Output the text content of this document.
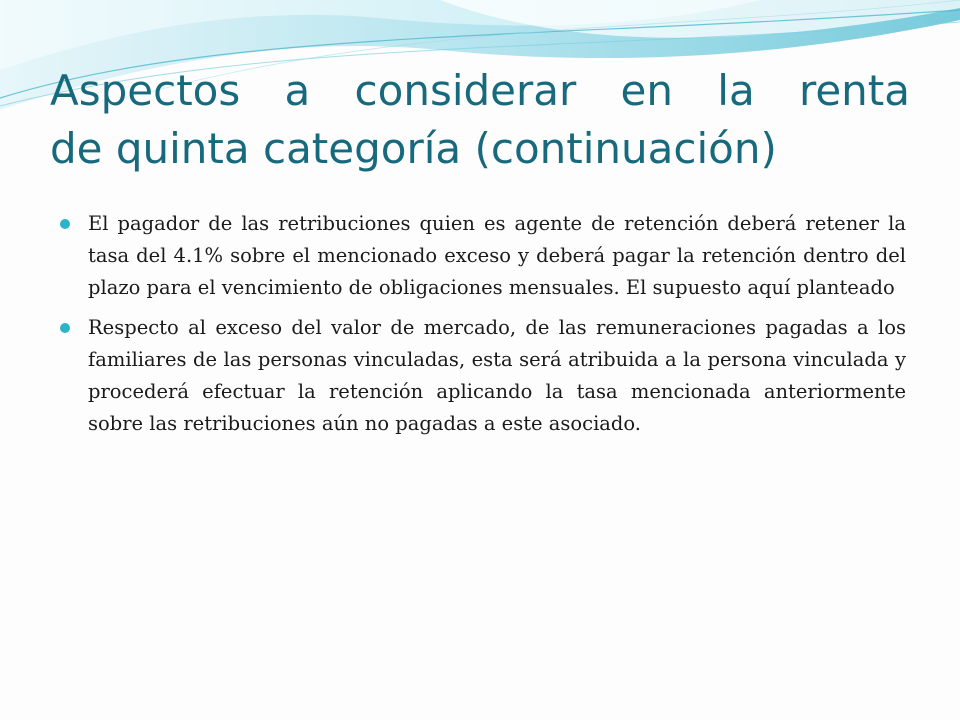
Aspectos a considerar en la renta
de quinta categoría (continuación)
El pagador de las retribuciones quien es agente de retención deberá retener la tasa del 4.1% sobre el mencionado exceso y deberá pagar la retención dentro del plazo para el vencimiento de obligaciones mensuales. El supuesto aquí planteado
Respecto al exceso del valor de mercado, de las remuneraciones pagadas a los familiares de las personas vinculadas, esta será atribuida a la persona vinculada y procederá efectuar la retención aplicando la tasa mencionada anteriormente sobre las retribuciones aún no pagadas a este asociado.
